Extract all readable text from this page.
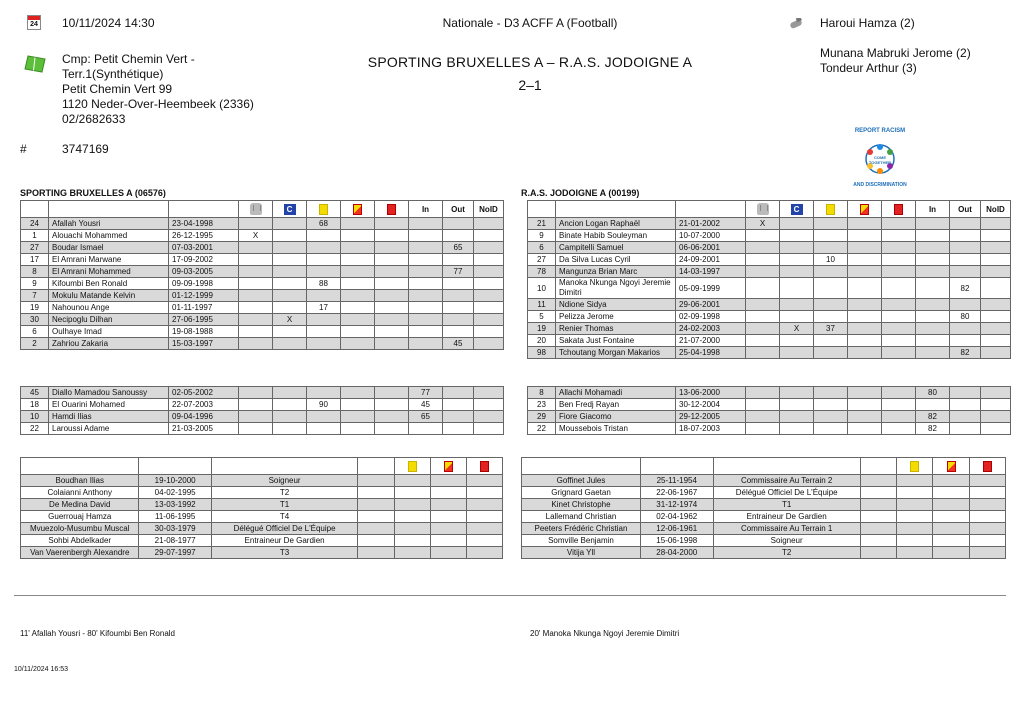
24 10/11/2024 14:30	Nationale - D3 ACFF A (Football)	Haroui Hamza (2)
Munana Mabruki Jerome (2)
Tondeur Arthur (3)
Cmp: Petit Chemin Vert -
Terr.1(Synthétique)
Petit Chemin Vert 99
1120 Neder-Over-Heembeek (2336)
02/2682633
SPORTING BRUXELLES A – R.A.S. JODOIGNE A
2–1
#	3747169
REPORT RACISM
COME TOGETHER
AND DISCRIMINATION
SPORTING BRUXELLES A (06576)	R.A.S. JODOIGNE A (00199)
				C				In	Out	NoID
24	Afallah Yousri	23-04-1998			68					
1	Alouachi Mohammed	26-12-1995	X							
27	Boudar Ismael	07-03-2001							65	
17	El Amrani Marwane	17-09-2002								
8	El Amrani Mohammed	09-03-2005							77	
9	Kifoumbi Ben Ronald	09-09-1998			88					
7	Mokulu Matande Kelvin	01-12-1999								
19	Nahounou Ange	01-11-1997			17					
30	Necipoglu Dilhan	27-06-1995		X						
6	Oulhaye Imad	19-08-1988								
2	Zahriou Zakaria	15-03-1997							45	
45	Diallo Mamadou Sanoussy	02-05-2002						77		
18	El Ouarini Mohamed	22-07-2003			90			45		
10	Hamdi Ilias	09-04-1996						65		
22	Laroussi Adame	21-03-2005								

Boudhan Ilias	19-10-2000	Soigneur				
Colaianni Anthony	04-02-1995	T2				
De Medina David	13-03-1992	T1				
Guerrouaj Hamza	11-06-1995	T4				
Mvuezolo-Musumbu Muscal	30-03-1979	Délégué Officiel De L'Équipe				
Sohbi Abdelkader	21-08-1977	Entraineur De Gardien				
Van Vaerenbergh Alexandre	29-07-1997	T3				
				C				In	Out	NoID
21	Ancion Logan Raphaël	21-01-2002	X							
9	Binate Habib Souleyman	10-07-2000								
6	Campitelli Samuel	06-06-2001								
27	Da Silva Lucas Cyril	24-09-2001			10					
78	Mangunza Brian Marc	14-03-1997								
10	Manoka Nkunga Ngoyi Jeremie Dimitri	05-09-1999							82	
11	Ndione Sidya	29-06-2001								
5	Pelizza Jerome	02-09-1998							80	
19	Renier Thomas	24-02-2003		X	37					
20	Sakata Just Fontaine	21-07-2000								
98	Tchoutang Morgan Makarios	25-04-1998							82	
8	Allachi Mohamadi	13-06-2000						80		
23	Ben Fredj Rayan	30-12-2004								
29	Fiore Giacomo	29-12-2005						82		
22	Moussebois Tristan	18-07-2003						82		

Goffinet Jules	25-11-1954	Commissaire Au Terrain 2				
Grignard Gaetan	22-06-1967	Délégué Officiel De L'Équipe				
Kinet Christophe	31-12-1974	T1				
Lallemand Christian	02-04-1962	Entraineur De Gardien				
Peeters Frédéric Christian	12-06-1961	Commissaire Au Terrain 1				
Somville Benjamin	15-06-1998	Soigneur				
Vitija Yll	28-04-2000	T2				
11' Afallah Yousri - 80' Kifoumbi Ben Ronald	20' Manoka Nkunga Ngoyi Jeremie Dimitri
10/11/2024 16:53
